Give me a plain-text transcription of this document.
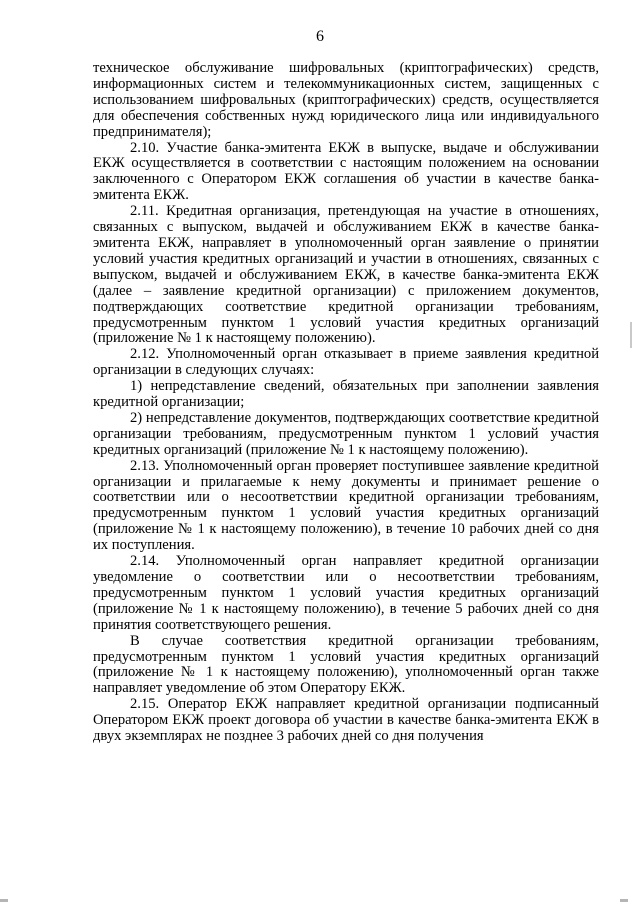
6

техническое обслуживание шифровальных (криптографических) средств, информационных систем и телекоммуникационных систем, защищенных с использованием шифровальных (криптографических) средств, осуществляется для обеспечения собственных нужд юридического лица или индивидуального предпринимателя);

2.10. Участие банка-эмитента ЕКЖ в выпуске, выдаче и обслуживании ЕКЖ осуществляется в соответствии с настоящим положением на основании заключенного с Оператором ЕКЖ соглашения об участии в качестве банка-эмитента ЕКЖ.

2.11. Кредитная организация, претендующая на участие в отношениях, связанных с выпуском, выдачей и обслуживанием ЕКЖ в качестве банка-эмитента ЕКЖ, направляет в уполномоченный орган заявление о принятии условий участия кредитных организаций и участии в отношениях, связанных с выпуском, выдачей и обслуживанием ЕКЖ, в качестве банка-эмитента ЕКЖ (далее – заявление кредитной организации) с приложением документов, подтверждающих соответствие кредитной организации требованиям, предусмотренным пунктом 1 условий участия кредитных организаций (приложение № 1 к настоящему положению).

2.12. Уполномоченный орган отказывает в приеме заявления кредитной организации в следующих случаях:

1) непредставление сведений, обязательных при заполнении заявления кредитной организации;

2) непредставление документов, подтверждающих соответствие кредитной организации требованиям, предусмотренным пунктом 1 условий участия кредитных организаций (приложение № 1 к настоящему положению).

2.13. Уполномоченный орган проверяет поступившее заявление кредитной организации и прилагаемые к нему документы и принимает решение о соответствии или о несоответствии кредитной организации требованиям, предусмотренным пунктом 1 условий участия кредитных организаций (приложение № 1 к настоящему положению), в течение 10 рабочих дней со дня их поступления.

2.14. Уполномоченный орган направляет кредитной организации уведомление о соответствии или о несоответствии требованиям, предусмотренным пунктом 1 условий участия кредитных организаций (приложение № 1 к настоящему положению), в течение 5 рабочих дней со дня принятия соответствующего решения.

В случае соответствия кредитной организации требованиям, предусмотренным пунктом 1 условий участия кредитных организаций (приложение № 1 к настоящему положению), уполномоченный орган также направляет уведомление об этом Оператору ЕКЖ.

2.15. Оператор ЕКЖ направляет кредитной организации подписанный Оператором ЕКЖ проект договора об участии в качестве банка-эмитента ЕКЖ в двух экземплярах не позднее 3 рабочих дней со дня получения
